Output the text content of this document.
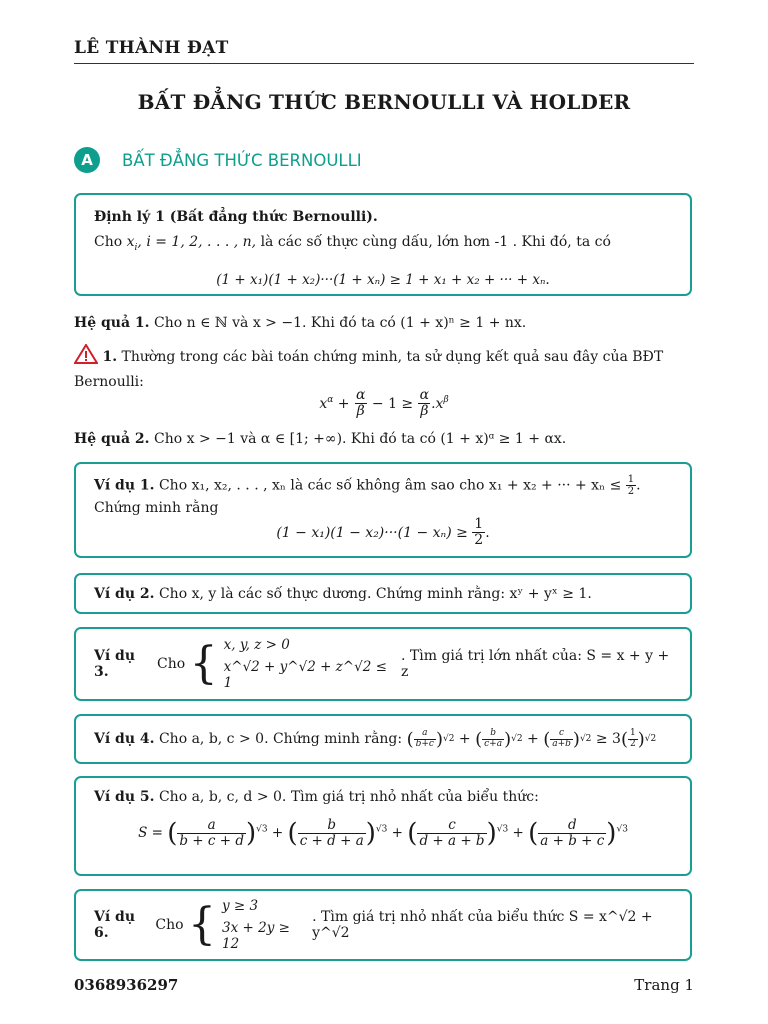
LÊ THÀNH ĐẠT
BẤT ĐẲNG THỨC BERNOULLI VÀ HOLDER
A	BẤT ĐẲNG THỨC BERNOULLI
Định lý 1 (Bất đẳng thức Bernoulli).
Cho $x_i$, i = 1, 2, . . . , n, là các số thực cùng dấu, lớn hơn -1 . Khi đó, ta có
(1 + x₁)(1 + x₂)···(1 + xₙ) ≥ 1 + x₁ + x₂ + ··· + xₙ.
Hệ quả 1. Cho n ∈ ℕ và x > −1. Khi đó ta có (1 + x)ⁿ ≥ 1 + nx.
1. Thường trong các bài toán chứng minh, ta sử dụng kết quả sau đây của BĐT Bernoulli:
$x^\alpha + \frac{\alpha}{\beta} - 1 \ge \frac{\alpha}{\beta} .x^\beta$
Hệ quả 2. Cho x > −1 và α ∈ [1; +∞). Khi đó ta có (1 + x)ᵅ ≥ 1 + αx.
Ví dụ 1. Cho x₁, x₂, . . . , xₙ là các số không âm sao cho x₁ + x₂ + ··· + $x_n \le \frac{1}{2}$ . Chứng minh rằng
$(1 - x_1)(1 - x_2)\cdot\cdot\cdot(1 - x_n) \ge \frac{1}{2}$ .
Ví dụ 2. Cho x, y là các số thực dương. Chứng minh rằng: xʸ + yˣ ≥ 1.
Ví dụ 3.
	Cho
{ x, y, z > 0
x^√2 + y^√2 + z^√2 ≤ 1
. Tìm giá trị lớn nhất của: S = x + y + z
Ví dụ 4.
Cho a, b, c > 0. Chứng minh rằng:
( $\frac{a}{b+c}$ ) √2 + ( $\frac{b}{c+a}$ ) √2 + ( $\frac{c}{a+b}$ ) √2
≥ 3 ( $\frac{1}{2}$ ) √2
Ví dụ 5. Cho a, b, c, d > 0. Tìm giá trị nhỏ nhất của biểu thức:
S = ( $\frac{a}{b + c + d} )^{√3}$ + ( $\frac{b}{c + d + a} )^{√3}$ + ( $\frac{c}{d + a + b} )^{√3}$ + ( $\frac{d}{a + b + c} )^{√3}$
Ví dụ 6.
	Cho
{ y ≥ 3
3x + 2y ≥ 12
. Tìm giá trị nhỏ nhất của biểu thức S = x^√2 + y^√2
0368936297	Trang 1
